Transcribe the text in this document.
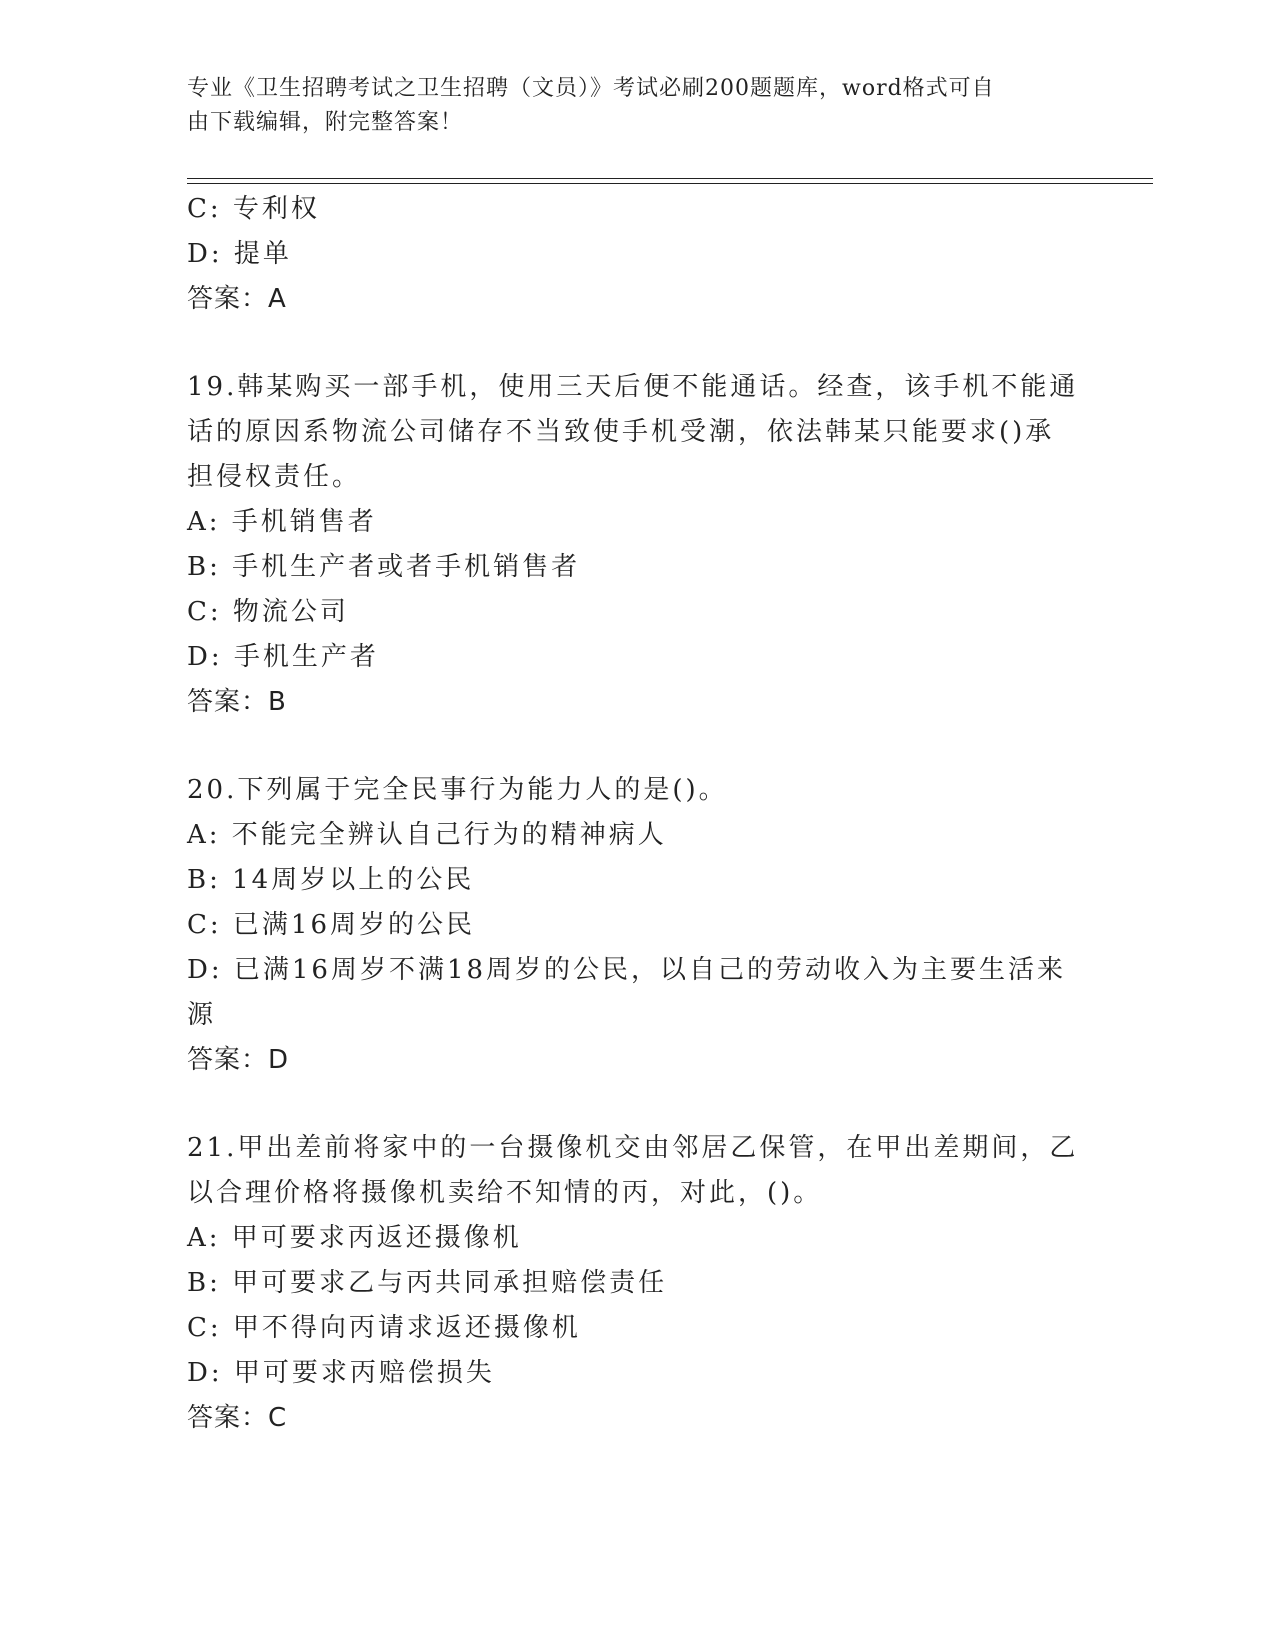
专业《卫生招聘考试之卫生招聘（文员）》考试必刷200题题库，word格式可自
由下载编辑，附完整答案！
C: 专利权
D: 提单
答案：A
19.韩某购买一部手机，使用三天后便不能通话。经查，该手机不能通
话的原因系物流公司储存不当致使手机受潮，依法韩某只能要求()承
担侵权责任。
A: 手机销售者
B: 手机生产者或者手机销售者
C: 物流公司
D: 手机生产者
答案：B
20.下列属于完全民事行为能力人的是()。
A: 不能完全辨认自己行为的精神病人
B: 14周岁以上的公民
C: 已满16周岁的公民
D: 已满16周岁不满18周岁的公民，以自己的劳动收入为主要生活来
源
答案：D
21.甲出差前将家中的一台摄像机交由邻居乙保管，在甲出差期间，乙
以合理价格将摄像机卖给不知情的丙，对此，()。
A: 甲可要求丙返还摄像机
B: 甲可要求乙与丙共同承担赔偿责任
C: 甲不得向丙请求返还摄像机
D: 甲可要求丙赔偿损失
答案：C
